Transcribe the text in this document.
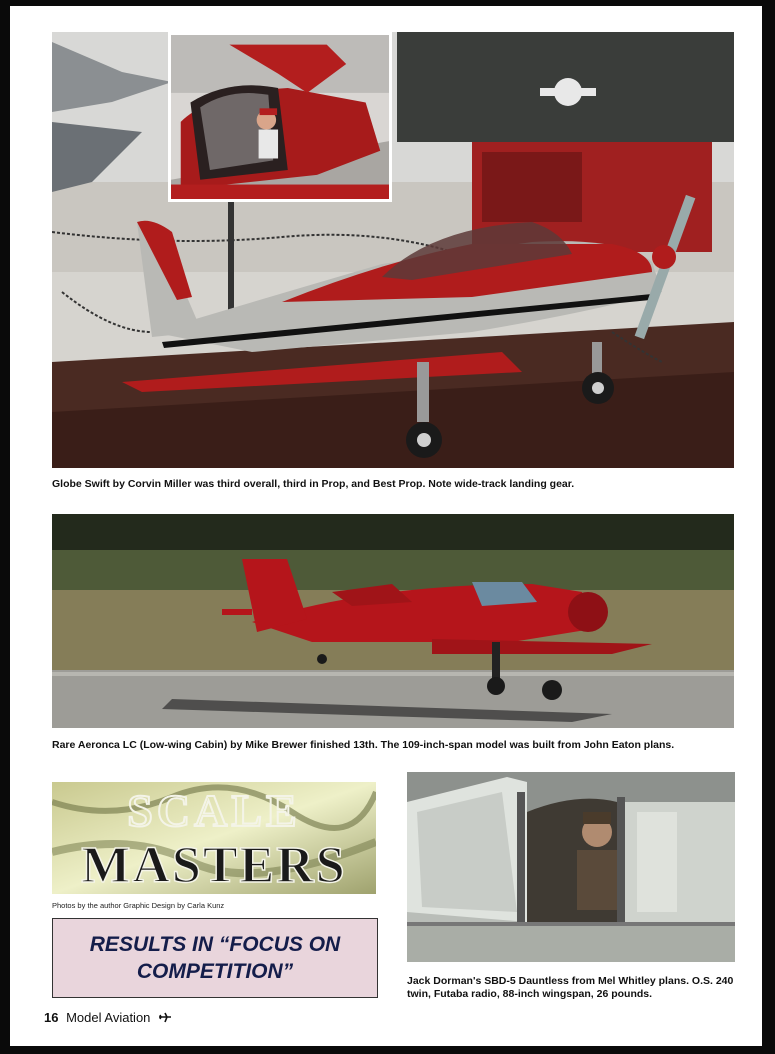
Globe Swift by Corvin Miller was third overall, third in Prop, and Best Prop. Note wide-track landing gear.
Rare Aeronca LC (Low-wing Cabin) by Mike Brewer finished 13th. The 109-inch-span model was built from John Eaton plans.
SCALE
MASTERS
Photos by the author Graphic Design by Carla Kunz
RESULTS IN “FOCUS ON COMPETITION”	Jack Dorman's SBD-5 Dauntless from Mel Whitley plans. O.S. 240 twin, Futaba radio, 88-inch wingspan, 26 pounds.
16 Model Aviation
